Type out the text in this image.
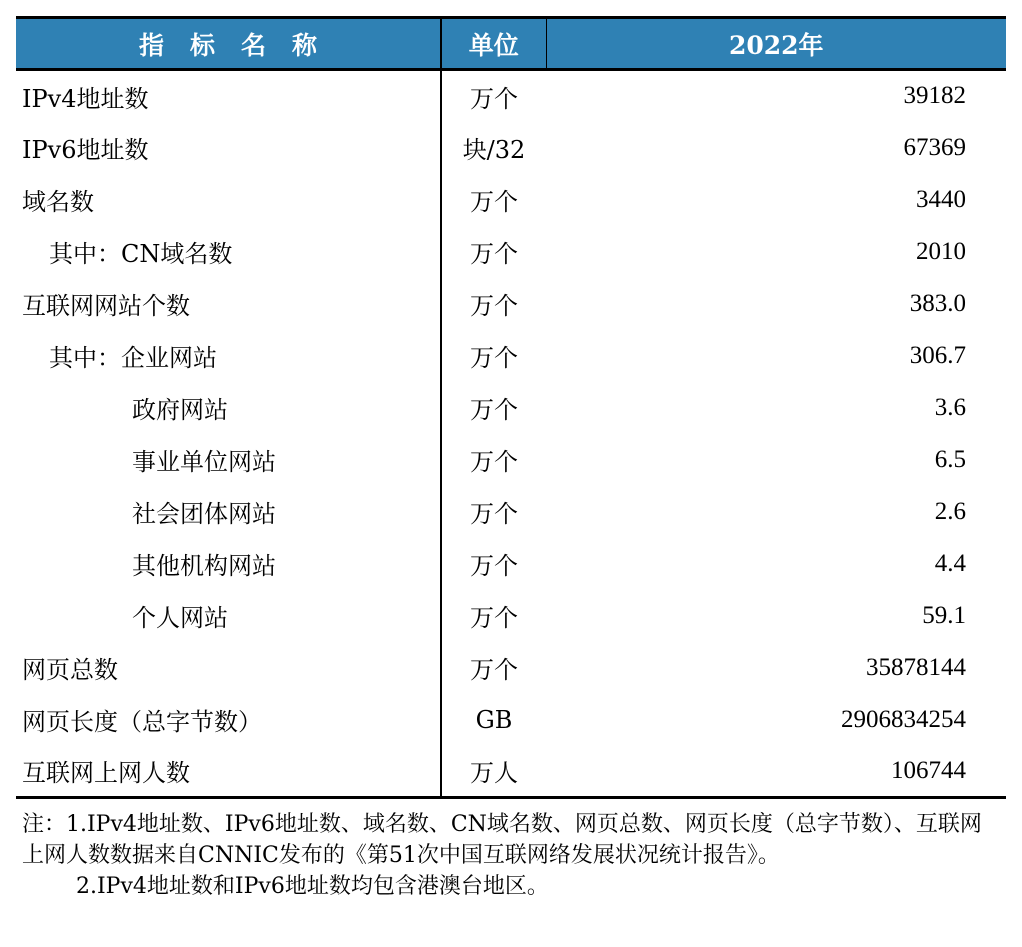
指标名称	单位	2022年
IPv4地址数	万个	39182
IPv6地址数	块/32	67369
域名数	万个	3440
其中：CN域名数	万个	2010
互联网网站个数	万个	383.0
其中：企业网站	万个	306.7
政府网站	万个	3.6
事业单位网站	万个	6.5
社会团体网站	万个	2.6
其他机构网站	万个	4.4
个人网站	万个	59.1
网页总数	万个	35878144
网页长度（总字节数）	GB	2906834254
互联网上网人数	万人	106744

注：1.IPv4地址数、IPv6地址数、域名数、CN域名数、网页总数、网页长度（总字节数）、互联网上网人数数据来自CNNIC发布的《第51次中国互联网络发展状况统计报告》。

2.IPv4地址数和IPv6地址数均包含港澳台地区。
